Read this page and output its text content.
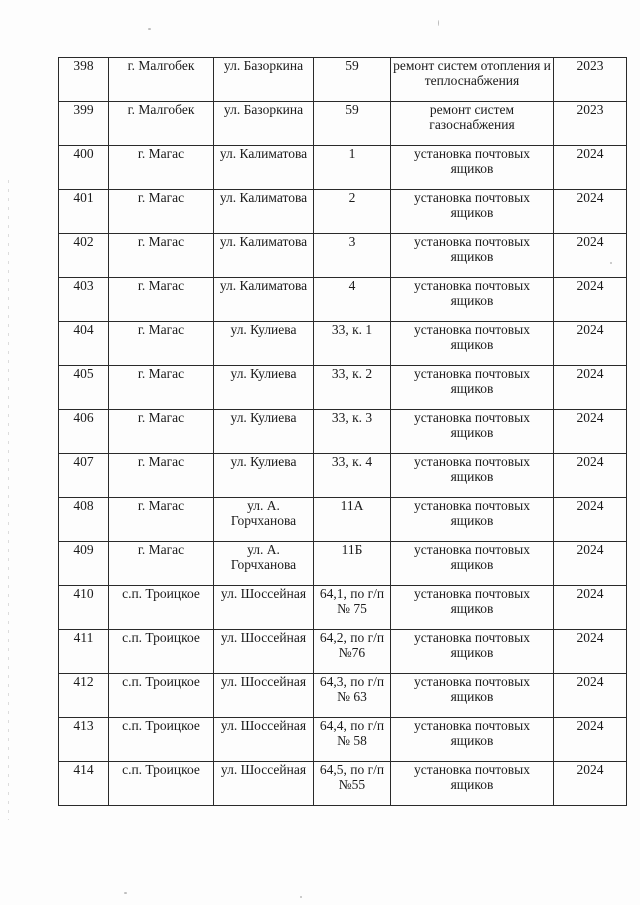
398	г. Малгобек	ул. Базоркина	59	ремонт систем отопления и теплоснабжения	2023

399	г. Малгобек	ул. Базоркина	59	ремонт систем газоснабжения	2023

400	г. Магас	ул. Калиматова	1	установка почтовых ящиков	2024

401	г. Магас	ул. Калиматова	2	установка почтовых ящиков	2024

402	г. Магас	ул. Калиматова	3	установка почтовых ящиков	2024

403	г. Магас	ул. Калиматова	4	установка почтовых ящиков	2024

404	г. Магас	ул. Кулиева	33, к. 1	установка почтовых ящиков	2024

405	г. Магас	ул. Кулиева	33, к. 2	установка почтовых ящиков	2024

406	г. Магас	ул. Кулиева	33, к. 3	установка почтовых ящиков	2024

407	г. Магас	ул. Кулиева	33, к. 4	установка почтовых ящиков	2024

408	г. Магас	ул. А. Горчханова	11А	установка почтовых ящиков	2024

409	г. Магас	ул. А. Горчханова	11Б	установка почтовых ящиков	2024

410	с.п. Троицкое	ул. Шоссейная	64,1, по г/п № 75	установка почтовых ящиков	2024

411	с.п. Троицкое	ул. Шоссейная	64,2, по г/п №76	установка почтовых ящиков	2024

412	с.п. Троицкое	ул. Шоссейная	64,3, по г/п № 63	установка почтовых ящиков	2024

413	с.п. Троицкое	ул. Шоссейная	64,4, по г/п № 58	установка почтовых ящиков	2024

414	с.п. Троицкое	ул. Шоссейная	64,5, по г/п №55	установка почтовых ящиков	2024
